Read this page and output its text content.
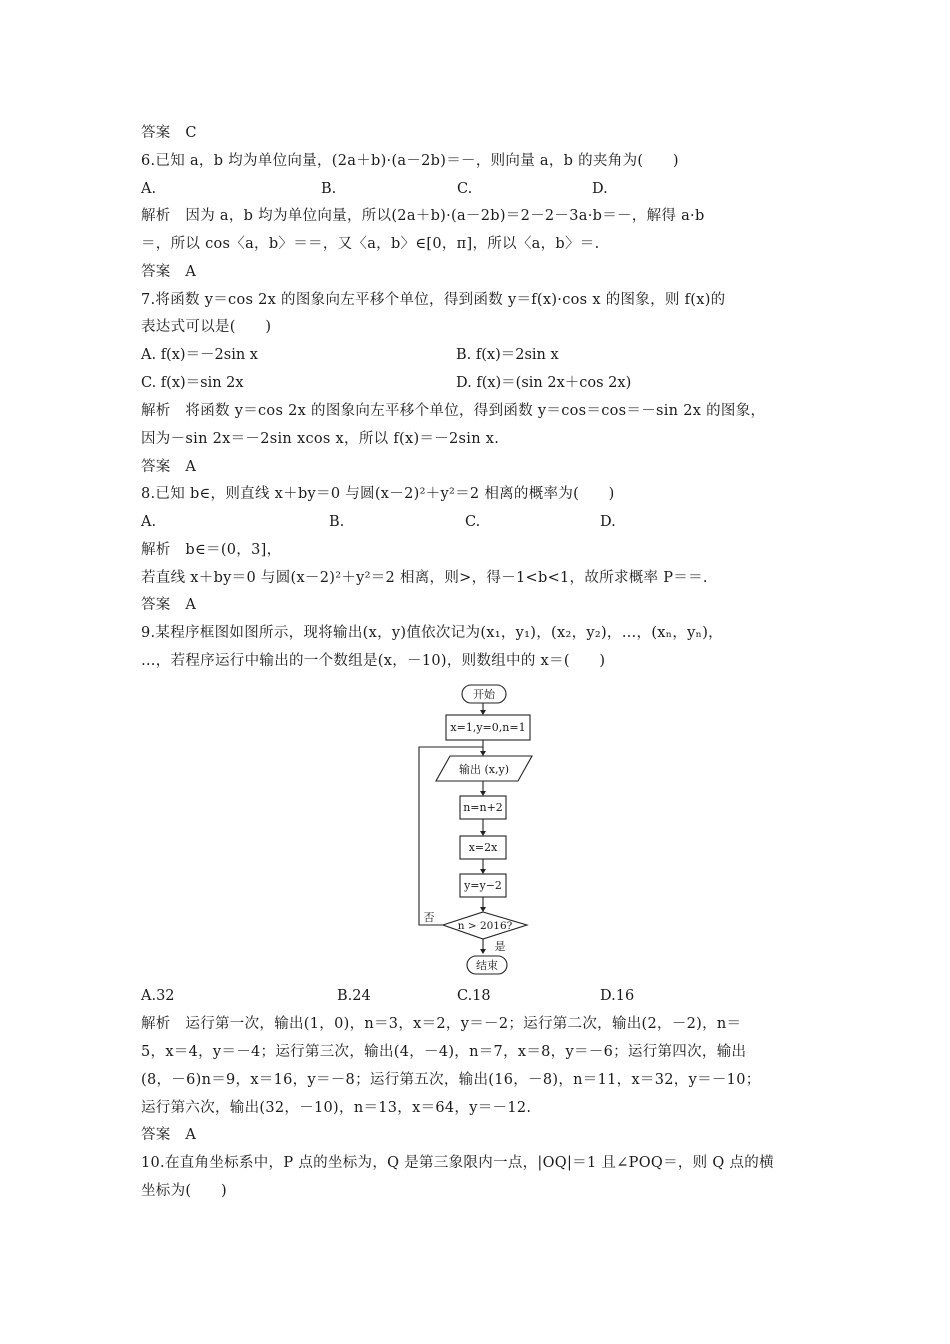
答案　C
6.已知 a，b 均为单位向量，(2a＋b)·(a－2b)＝－，则向量 a，b 的夹角为(　　)
A.	B.	C.	D.
解析　因为 a，b 均为单位向量，所以(2a＋b)·(a－2b)＝2－2－3a·b＝－，解得 a·b
＝，所以 cos〈a，b〉＝＝，又〈a，b〉∈[0，π]，所以〈a，b〉＝.
答案　A
7.将函数 y＝cos 2x 的图象向左平移个单位，得到函数 y＝f(x)·cos x 的图象，则 f(x)的
表达式可以是(　　)
A. f(x)＝－2sin x	B. f(x)＝2sin x
C. f(x)＝sin 2x	D. f(x)＝(sin 2x＋cos 2x)
解析　将函数 y＝cos 2x 的图象向左平移个单位，得到函数 y＝cos＝cos＝－sin 2x 的图象，
因为－sin 2x＝－2sin xcos x，所以 f(x)＝－2sin x.
答案　A
8.已知 b∈，则直线 x＋by＝0 与圆(x－2)²＋y²＝2 相离的概率为(　　)
A.	B.	C.	D.
解析　b∈＝(0，3]，
若直线 x＋by＝0 与圆(x－2)²＋y²＝2 相离，则>，得－1<b<1，故所求概率 P＝＝.
答案　A
9.某程序框图如图所示，现将输出(x，y)值依次记为(x₁，y₁)，(x₂，y₂)，…，(xₙ，yₙ)，
…，若程序运行中输出的一个数组是(x，－10)，则数组中的 x＝(　　)
开始
x=1,y=0,n=1
输出 (x,y)
n=n+2
x=2x
y=y−2
n > 2016?
否
是
结束
A.32	B.24	C.18	D.16
解析　运行第一次，输出(1，0)，n＝3，x＝2，y＝－2；运行第二次，输出(2，－2)，n＝
5，x＝4，y＝－4；运行第三次，输出(4，－4)，n＝7，x＝8，y＝－6；运行第四次，输出
(8，－6)n＝9，x＝16，y＝－8；运行第五次，输出(16，－8)，n＝11，x＝32，y＝－10；
运行第六次，输出(32，－10)，n＝13，x＝64，y＝－12.
答案　A
10.在直角坐标系中，P 点的坐标为，Q 是第三象限内一点，|OQ|＝1 且∠POQ＝，则 Q 点的横
坐标为(　　)
